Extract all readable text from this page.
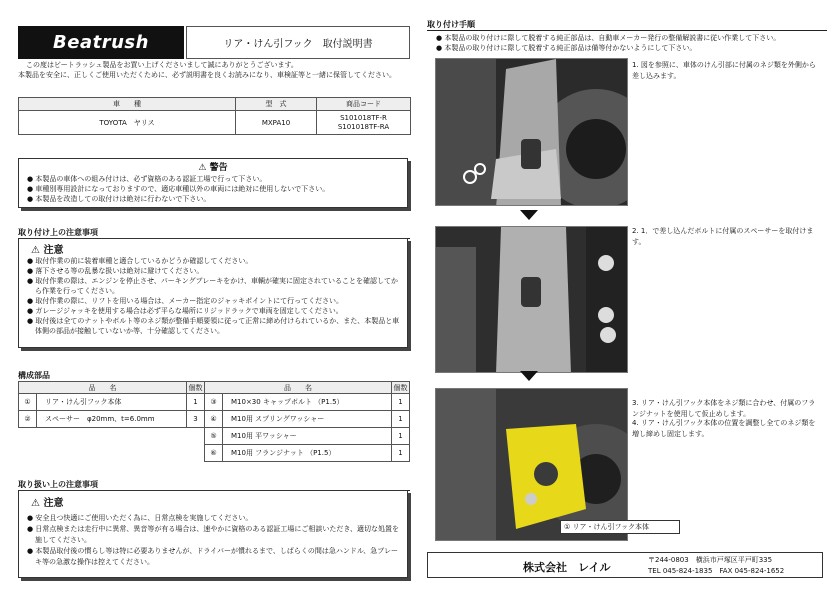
Beatrush	リア・けん引フック　取付説明書
この度はビートラッシュ製品をお買い上げくださいまして誠にありがとうございます。
本製品を安全に、正しくご使用いただくために、必ず説明書を良くお読みになり、車検証等と一緒に保管してください。
車　　種	型　式	商品コード
TOYOTA　ヤリス	MXPA10	S101018TF-R
S101018TF-RA
⚠ 警告
● 本製品の車体への組み付けは、必ず資格のある認証工場で行って下さい。
● 車種別専用設計になっておりますので、適応車種以外の車両には絶対に使用しないで下さい。
● 本製品を改造しての取付けは絶対に行わないで下さい。
取り付け上の注意事項
⚠ 注意
● 取付作業の前に装着車種と適合しているかどうか確認してください。
● 落下させる等の乱暴な扱いは絶対に避けてください。
● 取付作業の際は、エンジンを停止させ、パーキングブレーキをかけ、車輌が確実に固定されていることを確認してから作業を行ってください。
● 取付作業の際に、リフトを用いる場合は、メーカー指定のジャッキポイントにて行ってください。
● ガレージジャッキを使用する場合は必ず平らな場所にリジッドラックで車両を固定してください。
● 取付後は全てのナットやボルト等のネジ類が整備手順要領に従って正常に締め付けられているか、また、本製品と車体側の部品が接触していないか等、十分確認してください。
構成部品
品　　名		個数	品　　名		個数
①	リア・けん引フック本体	1	③	M10×30 キャップボルト （P1.5）	1
②	スペーサー　φ20mm、t=6.0mm	3	④	M10用 スプリングワッシャー	1
			⑤	M10用 平ワッシャー	1
			⑥	M10用 フランジナット （P1.5）	1
取り扱い上の注意事項
⚠ 注意
● 安全且つ快適にご使用いただく為に、日常点検を実施してください。
● 日常点検または走行中に異常、異音等が有る場合は、速やかに資格のある認証工場にご相談いただき、適切な処置を施してください。
● 本製品取付後の慣らし等は特に必要ありませんが、ドライバーが慣れるまで、しばらくの間は急ハンドル、急ブレーキ等の急激な操作は控えてください。
取り付け手順
● 本製品の取り付けに際して脱着する純正部品は、自動車メーカー発行の整備解説書に従い作業して下さい。
● 本製品の取り付けに際して脱着する純正部品は備等付かないようにして下さい。
1. 図を参照に、車体のけん引部に付属のネジ類を外側から差し込みます。
2. 1．で差し込んだボルトに付属のスペーサーを取付けます。
3. リア・けん引フック本体をネジ類に合わせ、付属のフランジナットを使用して仮止めします。
4. リア・けん引フック本体の位置を調整し全てのネジ類を増し締めし固定します。
① リア・けん引フック本体
株式会社　レイル
〒244-0803　横浜市戸塚区平戸町335
TEL 045-824-1835　FAX 045-824-1652
